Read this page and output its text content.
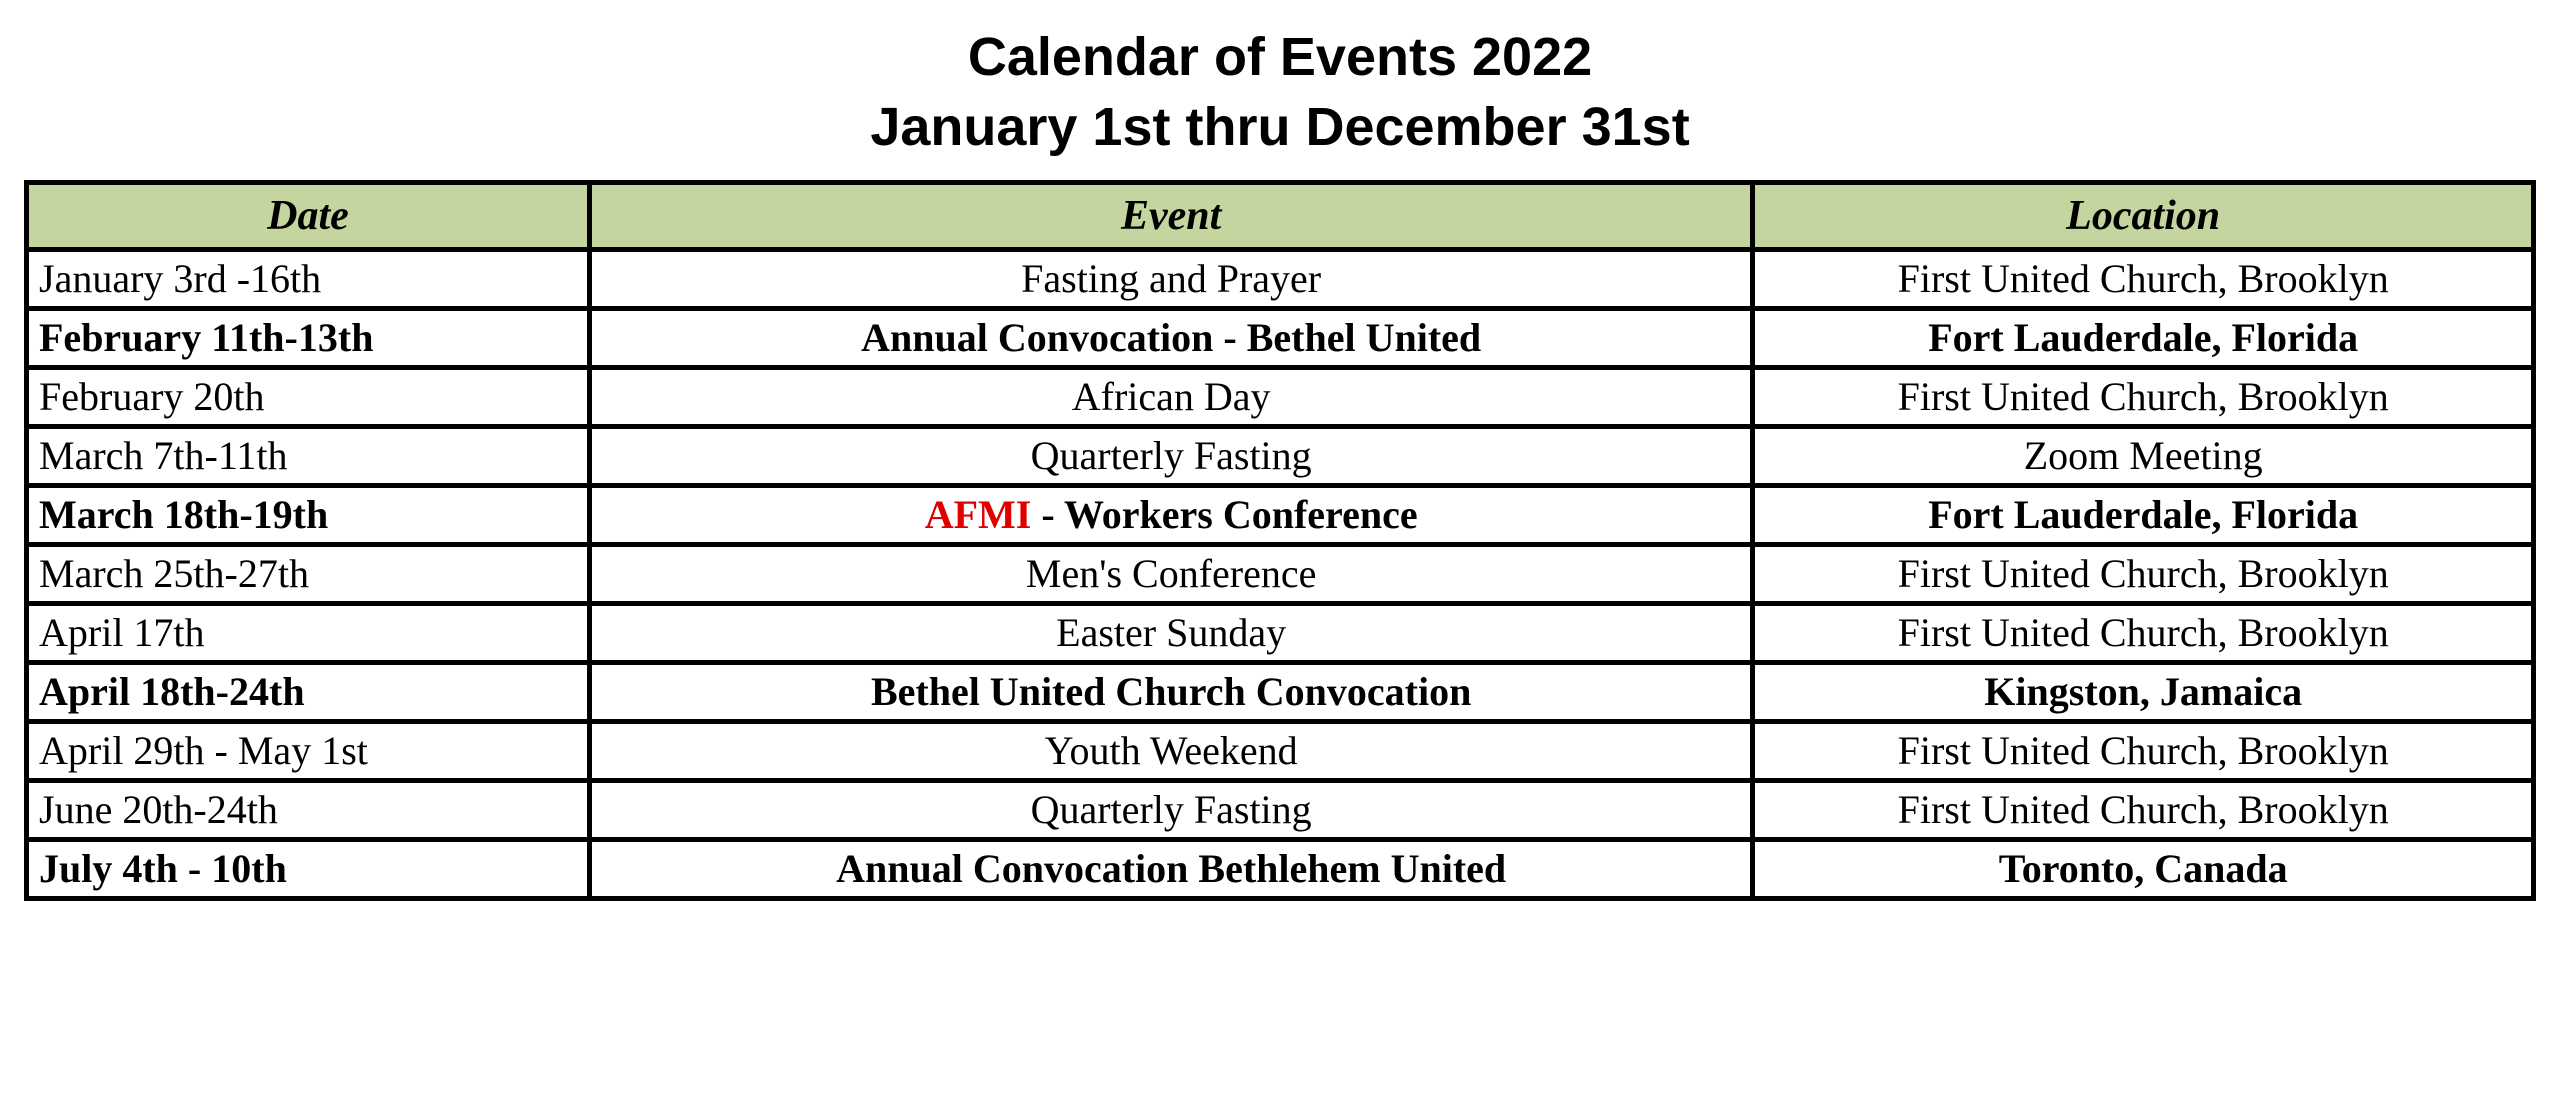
Calendar of Events 2022
January 1st thru December 31st
Date	Event	Location
January 3rd -16th	Fasting and Prayer	First United Church, Brooklyn
February 11th-13th	Annual Convocation - Bethel United	Fort Lauderdale, Florida
February 20th	African Day	First United Church, Brooklyn
March 7th-11th	Quarterly Fasting	Zoom Meeting
March 18th-19th	AFMI - Workers Conference	Fort Lauderdale, Florida
March 25th-27th	Men's Conference	First United Church, Brooklyn
April 17th	Easter Sunday	First United Church, Brooklyn
April 18th-24th	Bethel United Church Convocation	Kingston, Jamaica
April 29th - May 1st	Youth Weekend	First United Church, Brooklyn
June 20th-24th	Quarterly Fasting	First United Church, Brooklyn
July 4th - 10th	Annual Convocation Bethlehem United	Toronto, Canada
